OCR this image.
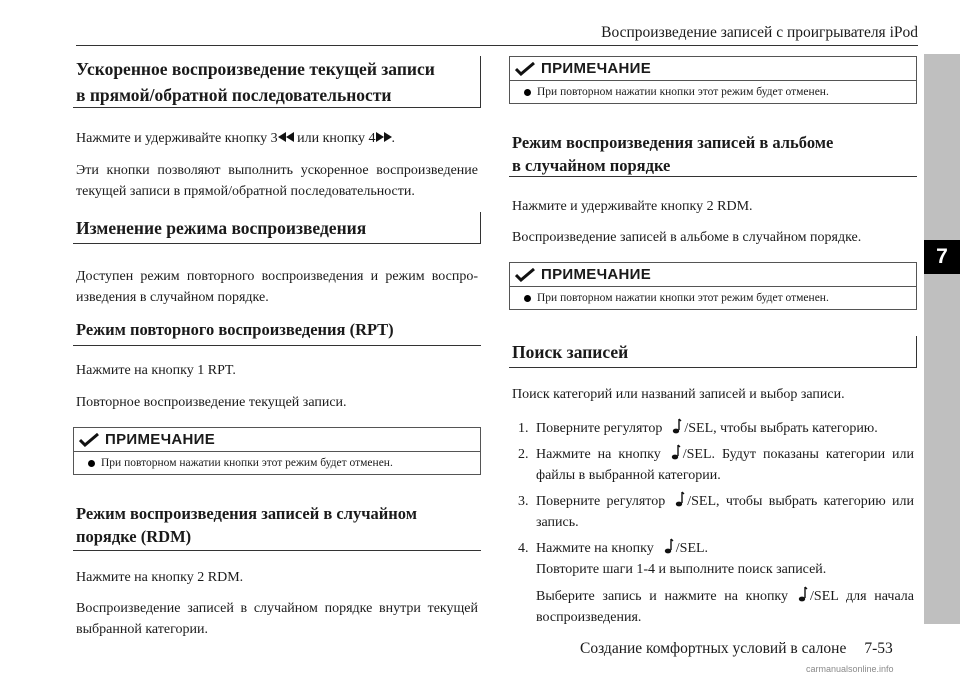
Воспроизведение записей с проигрывателя iPod
7
Ускоренное воспроизведение текущей записи
в прямой/обратной последовательности
Нажмите и удерживайте кнопку 3 или кнопку 4 .
Эти кнопки позволяют выполнить ускоренное воспроизведение текущей записи в прямой/обратной последовательности.
Изменение режима воспроизведения
Доступен режим повторного воспроизведения и режим воспро-изведения в случайном порядке.
Режим повторного воспроизведения (RPT)
Нажмите на кнопку 1 RPT.
Повторное воспроизведение текущей записи.
ПРИМЕЧАНИЕ
При повторном нажатии кнопки этот режим будет отменен.
Режим воспроизведения записей в случайном
порядке (RDM)
Нажмите на кнопку 2 RDM.
Воспроизведение записей в случайном порядке внутри текущей выбранной категории.
ПРИМЕЧАНИЕ
При повторном нажатии кнопки этот режим будет отменен.
Режим воспроизведения записей в альбоме
в случайном порядке
Нажмите и удерживайте кнопку 2 RDM.
Воспроизведение записей в альбоме в случайном порядке.
ПРИМЕЧАНИЕ
При повторном нажатии кнопки этот режим будет отменен.
Поиск записей
Поиск категорий или названий записей и выбор записи.
1. Поверните регулятор /SEL, чтобы выбрать категорию.
2. Нажмите на кнопку /SEL. Будут показаны категории или файлы в выбранной категории.
3. Поверните регулятор /SEL, чтобы выбрать категорию или запись.
4. Нажмите на кнопку /SEL.
Повторите шаги 1-4 и выполните поиск записей.
Выберите запись и нажмите на кнопку /SEL для начала воспроизведения.
Создание комфортных условий в салоне 7-53
carmanualsonline.info
